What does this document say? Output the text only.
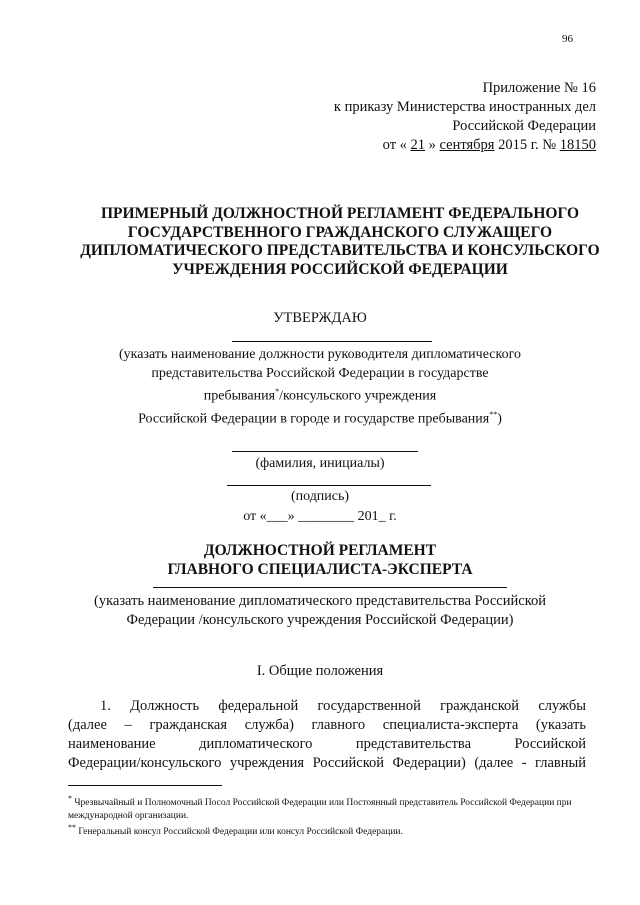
96
Приложение № 16
к приказу Министерства иностранных дел
Российской Федерации
от « 21 » сентября 2015 г. № 18150
ПРИМЕРНЫЙ ДОЛЖНОСТНОЙ РЕГЛАМЕНТ ФЕДЕРАЛЬНОГО
ГОСУДАРСТВЕННОГО ГРАЖДАНСКОГО СЛУЖАЩЕГО
ДИПЛОМАТИЧЕСКОГО ПРЕДСТАВИТЕЛЬСТВА И КОНСУЛЬСКОГО
УЧРЕЖДЕНИЯ РОССИЙСКОЙ ФЕДЕРАЦИИ
УТВЕРЖДАЮ
(указать наименование должности руководителя дипломатического
представительства Российской Федерации в государстве
пребывания*/консульского учреждения
Российской Федерации в городе и государстве пребывания**)
(фамилия, инициалы)
(подпись)
от «___» ________ 201_ г.
ДОЛЖНОСТНОЙ РЕГЛАМЕНТ
ГЛАВНОГО СПЕЦИАЛИСТА-ЭКСПЕРТА
(указать наименование дипломатического представительства Российской
Федерации /консульского учреждения Российской Федерации)
I. Общие положения
1. Должность федеральной государственной гражданской службы
(далее – гражданская служба) главного специалиста-эксперта (указать
наименование дипломатического представительства Российской
Федерации/консульского учреждения Российской Федерации) (далее - главный
* Чрезвычайный и Полномочный Посол Российской Федерации или Постоянный представитель Российской Федерации при международной организации.
** Генеральный консул Российской Федерации или консул Российской Федерации.
